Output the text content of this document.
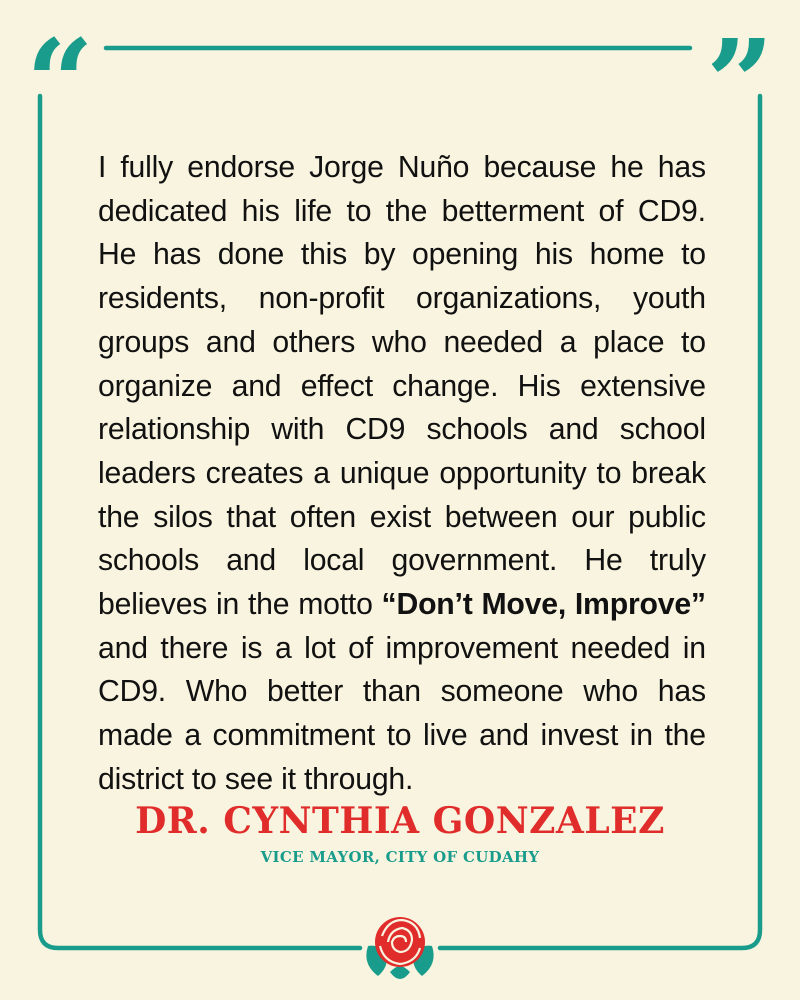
“	”

I fully endorse Jorge Nuño because he has dedicated his life to the betterment of CD9. He has done this by opening his home to residents, non-profit organizations, youth groups and others who needed a place to organize and effect change. His extensive relationship with CD9 schools and school leaders creates a unique opportunity to break the silos that often exist between our public schools and local government. He truly believes in the motto “Don’t Move, Improve” and there is a lot of improvement needed in CD9. Who better than someone who has made a commitment to live and invest in the district to see it through.

DR. CYNTHIA GONZALEZ
VICE MAYOR, CITY OF CUDAHY
